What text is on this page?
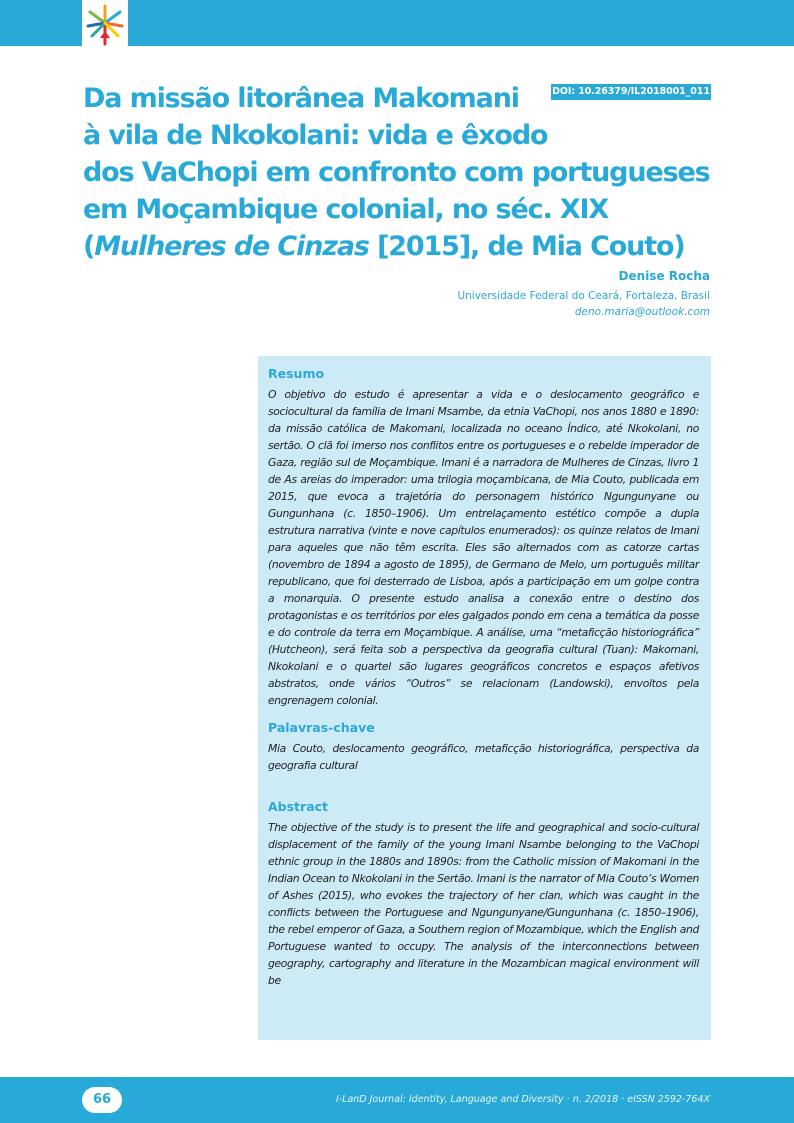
DOI: 10.26379/IL2018001_011
Da missão litorânea Makomani
à vila de Nkokolani: vida e êxodo
dos VaChopi em confronto com portugueses
em Moçambique colonial, no séc. XIX
(Mulheres de Cinzas [2015], de Mia Couto)
Denise Rocha
Universidade Federal do Ceará, Fortaleza, Brasil
deno.maria@outlook.com
Resumo

O objetivo do estudo é apresentar a vida e o deslocamento geográfico e sociocultural da família de Imani Msambe, da etnia VaChopi, nos anos 1880 e 1890: da missão católica de Makomani, localizada no oceano Índico, até Nkokolani, no sertão. O clã foi imerso nos conflitos entre os portugueses e o rebelde imperador de Gaza, região sul de Moçambique. Imani é a narradora de Mulheres de Cinzas, livro 1 de As areias do imperador: uma trilogia moçambicana, de Mia Couto, publicada em 2015, que evoca a trajetória do personagem histórico Ngungunyane ou Gungunhana (c. 1850–1906). Um entrelaçamento estético compõe a dupla estrutura narrativa (vinte e nove capítulos enumerados): os quinze relatos de Imani para aqueles que não têm escrita. Eles são alternados com as catorze cartas (novembro de 1894 a agosto de 1895), de Germano de Melo, um português militar republicano, que foi desterrado de Lisboa, após a participação em um golpe contra a monarquia. O presente estudo analisa a conexão entre o destino dos protagonistas e os territórios por eles galgados pondo em cena a temática da posse e do controle da terra em Moçambique. A análise, uma “metaficção historiográfica” (Hutcheon), será feita sob a perspectiva da geografia cultural (Tuan): Makomani, Nkokolani e o quartel são lugares geográficos concretos e espaços afetivos abstratos, onde vários “Outros” se relacionam (Landowski), envoltos pela engrenagem colonial.

Palavras-chave

Mia Couto, deslocamento geográfico, metaficção historiográfica, perspectiva da geografia cultural

Abstract

The objective of the study is to present the life and geographical and socio-cultural displacement of the family of the young Imani Nsambe belonging to the VaChopi ethnic group in the 1880s and 1890s: from the Catholic mission of Makomani in the Indian Ocean to Nkokolani in the Sertão. Imani is the narrator of Mia Couto’s Women of Ashes (2015), who evokes the trajectory of her clan, which was caught in the conflicts between the Portuguese and Ngungunyane/Gungunhana (c. 1850–1906), the rebel emperor of Gaza, a Southern region of Mozambique, which the English and Portuguese wanted to occupy. The analysis of the interconnections between geography, cartography and literature in the Mozambican magical environment will be

66	I-LanD Journal: Identity, Language and Diversity · n. 2/2018 · eISSN 2592-764X
